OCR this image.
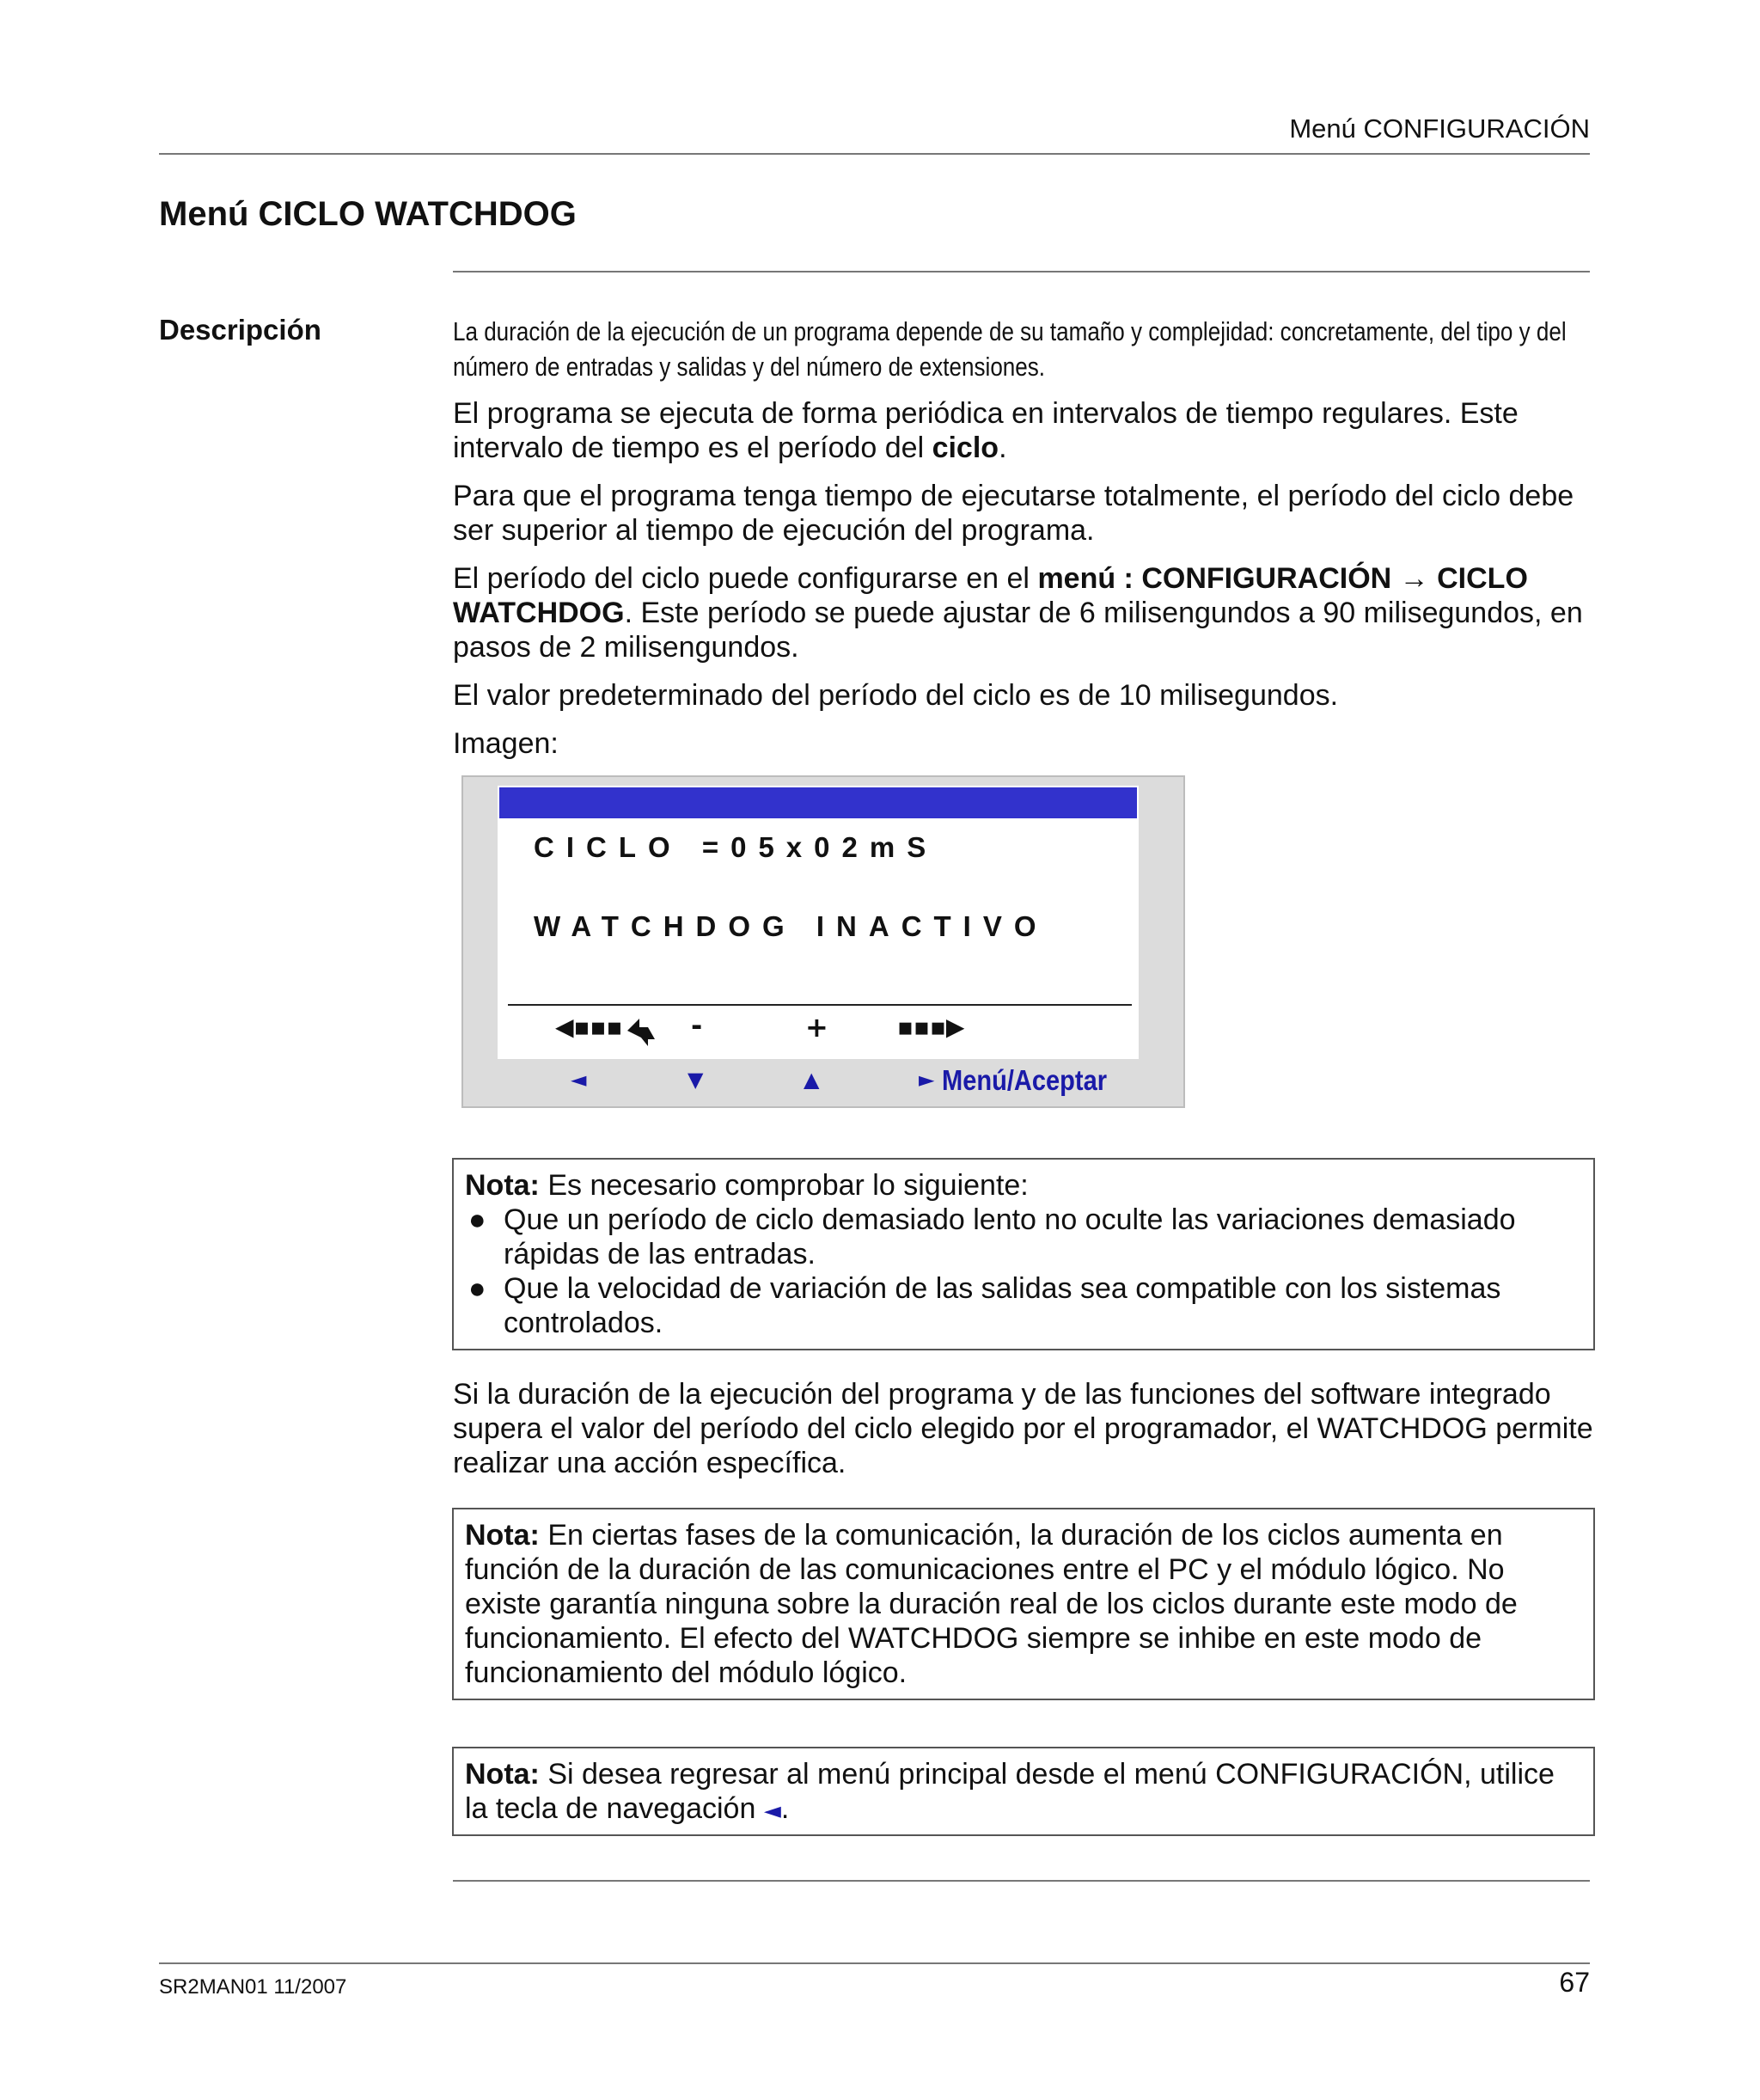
Menú CONFIGURACIÓN
Menú CICLO WATCHDOG
Descripción	La duración de la ejecución de un programa depende de su tamaño y complejidad: concretamente, del tipo y del número de entradas y salidas y del número de extensiones.

El programa se ejecuta de forma periódica en intervalos de tiempo regulares. Este intervalo de tiempo es el período del ciclo.

Para que el programa tenga tiempo de ejecutarse totalmente, el período del ciclo debe ser superior al tiempo de ejecución del programa.

El período del ciclo puede configurarse en el menú : CONFIGURACIÓN → CICLO WATCHDOG. Este período se puede ajustar de 6 milisengundos a 90 milisegundos, en pasos de 2 milisengundos.

El valor predeterminado del período del ciclo es de 10 milisegundos.

Imagen:

CICLO =05x02mS
WATCHDOG INACTIVO
◀▪▪▪ -	+	▪▪▪▶
◄	▼	▲	► Menú/Aceptar
Nota: Es necesario comprobar lo siguiente:
● Que un período de ciclo demasiado lento no oculte las variaciones demasiado rápidas de las entradas.
● Que la velocidad de variación de las salidas sea compatible con los sistemas controlados.

Si la duración de la ejecución del programa y de las funciones del software integrado supera el valor del período del ciclo elegido por el programador, el WATCHDOG permite realizar una acción específica.

Nota: En ciertas fases de la comunicación, la duración de los ciclos aumenta en función de la duración de las comunicaciones entre el PC y el módulo lógico. No existe garantía ninguna sobre la duración real de los ciclos durante este modo de funcionamiento. El efecto del WATCHDOG siempre se inhibe en este modo de funcionamiento del módulo lógico.
Nota: Si desea regresar al menú principal desde el menú CONFIGURACIÓN, utilice la tecla de navegación ◄.
SR2MAN01 11/2007	67
